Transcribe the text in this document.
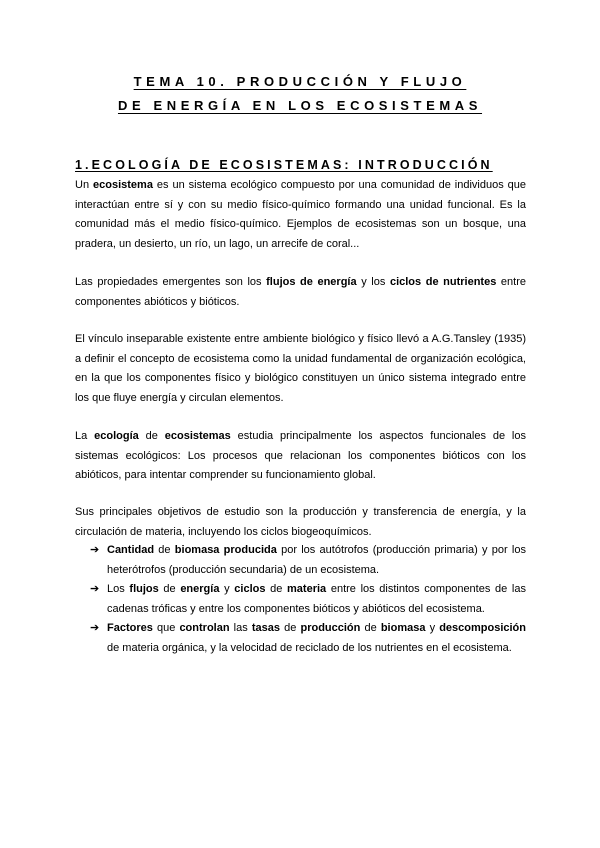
TEMA 10. PRODUCCIÓN Y FLUJO
DE ENERGÍA EN LOS ECOSISTEMAS
1.ECOLOGÍA DE ECOSISTEMAS: INTRODUCCIÓN

Un ecosistema es un sistema ecológico compuesto por una comunidad de individuos que interactúan entre sí y con su medio físico-químico formando una unidad funcional. Es la comunidad más el medio físico-químico. Ejemplos de ecosistemas son un bosque, una pradera, un desierto, un río, un lago, un arrecife de coral...

Las propiedades emergentes son los flujos de energía y los ciclos de nutrientes entre componentes abióticos y bióticos.

El vínculo inseparable existente entre ambiente biológico y físico llevó a A.G.Tansley (1935) a definir el concepto de ecosistema como la unidad fundamental de organización ecológica, en la que los componentes físico y biológico constituyen un único sistema integrado entre los que fluye energía y circulan elementos.

La ecología de ecosistemas estudia principalmente los aspectos funcionales de los sistemas ecológicos: Los procesos que relacionan los componentes bióticos con los abióticos, para intentar comprender su funcionamiento global.

Sus principales objetivos de estudio son la producción y transferencia de energía, y la circulación de materia, incluyendo los ciclos biogeoquímicos.

➔ Cantidad de biomasa producida por los autótrofos (producción primaria) y por los heterótrofos (producción secundaria) de un ecosistema.
➔ Los flujos de energía y ciclos de materia entre los distintos componentes de las cadenas tróficas y entre los componentes bióticos y abióticos del ecosistema.
➔ Factores que controlan las tasas de producción de biomasa y descomposición de materia orgánica, y la velocidad de reciclado de los nutrientes en el ecosistema.
